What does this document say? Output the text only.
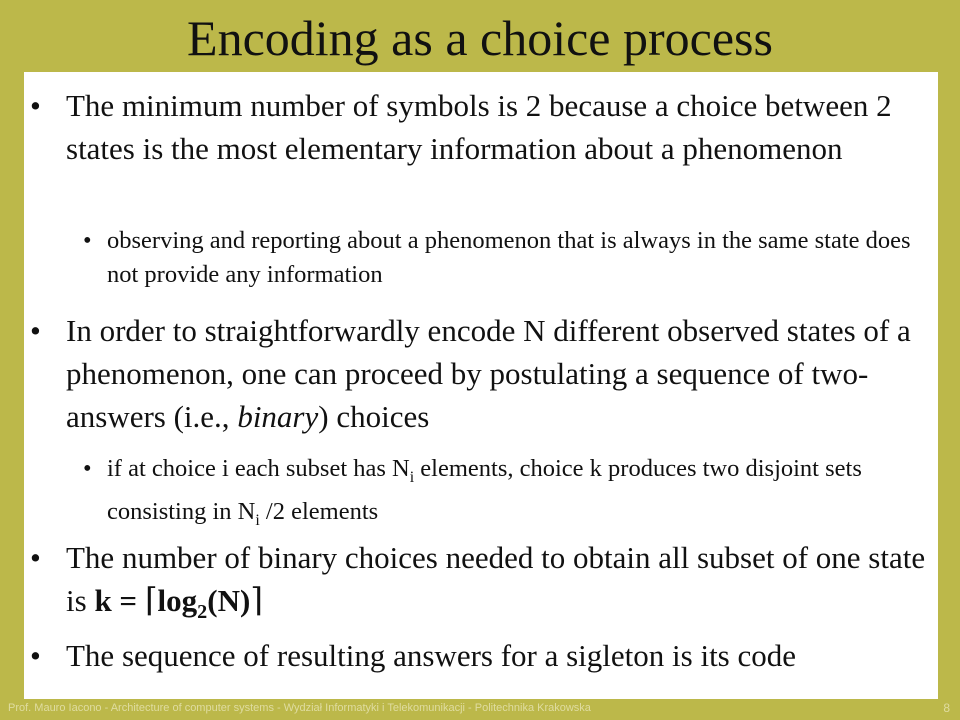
Encoding as a choice process
• The minimum number of symbols is 2 because a choice between 2 states is the most elementary information about a phenomenon
• observing and reporting about a phenomenon that is always in the same state does not provide any information
• In order to straightforwardly encode N different observed states of a phenomenon, one can proceed by postulating a sequence of two-answers (i.e., binary) choices
• if at choice i each subset has $N_i$ elements, choice k produces two disjoint sets consisting in $N_i$ /2 elements
• The number of binary choices needed to obtain all subset of one state is $k = ⌈\log_2(N)⌉$
• The sequence of resulting answers for a sigleton is its code
Prof. Mauro Iacono - Architecture of computer systems - Wydział Informatyki i Telekomunikacji - Politechnika Krakowska	8
